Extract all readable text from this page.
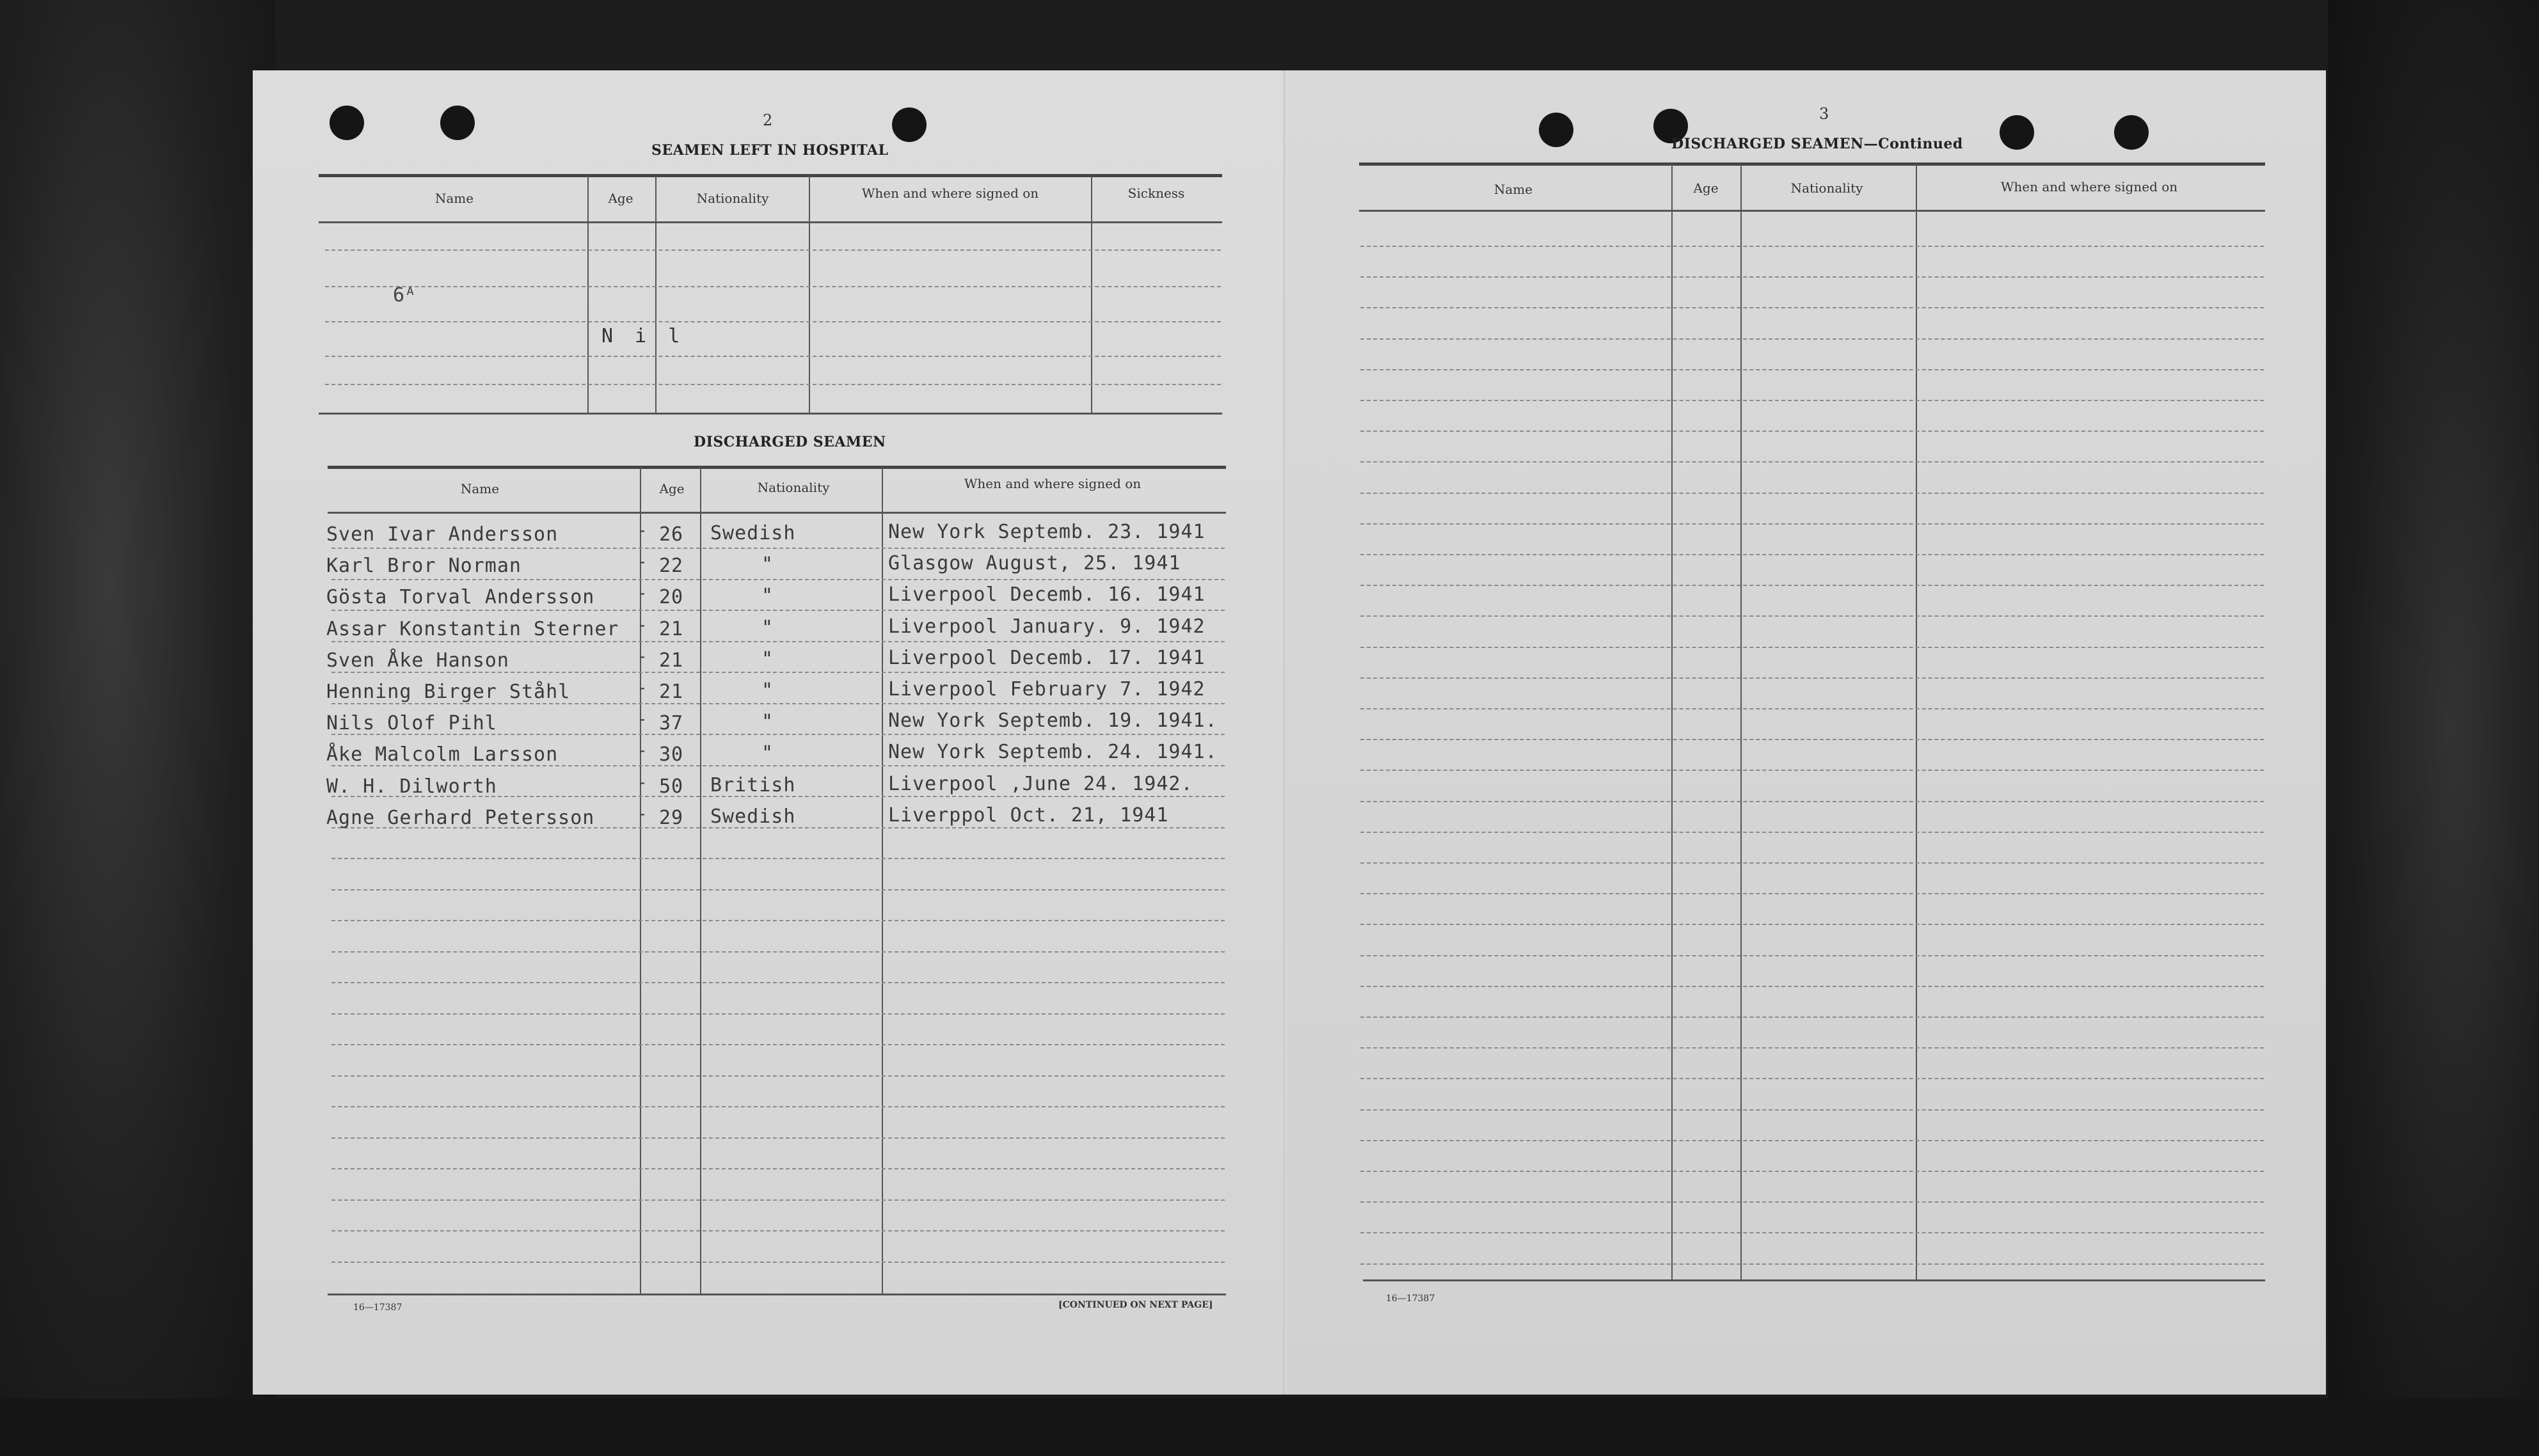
2
SEAMEN LEFT IN HOSPITAL
Name	Age	Nationality	When and where signed on	Sickness
6ᴬ
N i l
DISCHARGED SEAMEN
Name	Age	Nationality	When and where signed on
Sven Ivar Andersson	- 26 Swedish	New York Septemb. 23. 1941
Karl Bror Norman	- 22	"	Glasgow August, 25. 1941
Gösta Torval Andersson - 20	"	Liverpool Decemb. 16. 1941
Assar Konstantin Sterner - 21	"	Liverpool January. 9. 1942
Sven Åke Hanson	- 21	"	Liverpool Decemb. 17. 1941
Henning Birger Ståhl	- 21	"	Liverpool February 7. 1942
Nils Olof Pihl	- 37	"	New York Septemb. 19. 1941.
Åke Malcolm Larsson	- 30	"	New York Septemb. 24. 1941.
W. H. Dilworth	- 50 British	Liverpool ,June 24. 1942.
Agne Gerhard Petersson - 29 Swedish	Liverppol Oct. 21, 1941
16—17387	[CONTINUED ON NEXT PAGE]
3
DISCHARGED SEAMEN—Continued
Name	Age	Nationality	When and where signed on
16—17387
